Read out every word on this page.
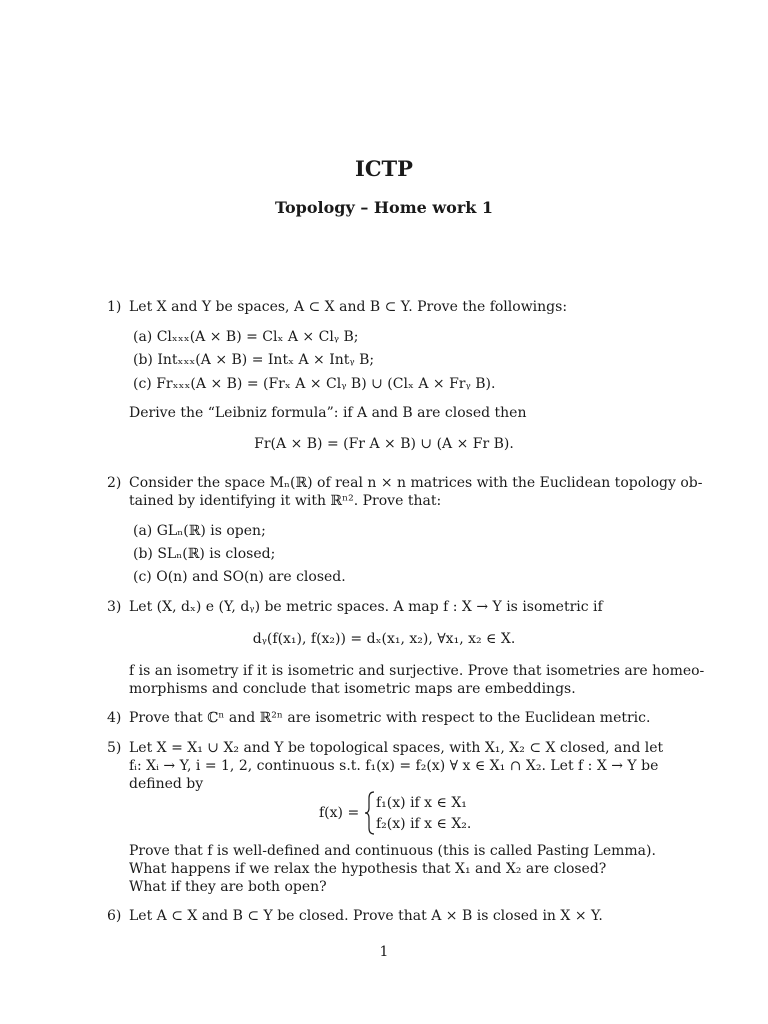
ICTP
Topology – Home work 1
1) Let X and Y be spaces, A ⊂ X and B ⊂ Y. Prove the followings:
(a) Clₓₓₓ(A × B) = Clₓ A × Clᵧ B;
(b) Intₓₓₓ(A × B) = Intₓ A × Intᵧ B;
(c) Frₓₓₓ(A × B) = (Frₓ A × Clᵧ B) ∪ (Clₓ A × Frᵧ B).
Derive the “Leibniz formula”: if A and B are closed then
Fr(A × B) = (Fr A × B) ∪ (A × Fr B).
2) Consider the space Mₙ(ℝ) of real n × n matrices with the Euclidean topology ob-
tained by identifying it with ℝⁿ². Prove that:
(a) GLₙ(ℝ) is open;
(b) SLₙ(ℝ) is closed;
(c) O(n) and SO(n) are closed.
3) Let (X, dₓ) e (Y, dᵧ) be metric spaces. A map f : X → Y is isometric if
dᵧ(f(x₁), f(x₂)) = dₓ(x₁, x₂), ∀x₁, x₂ ∈ X.
f is an isometry if it is isometric and surjective. Prove that isometries are homeo-
morphisms and conclude that isometric maps are embeddings.
4) Prove that ℂⁿ and ℝ²ⁿ are isometric with respect to the Euclidean metric.
5) Let X = X₁ ∪ X₂ and Y be topological spaces, with X₁, X₂ ⊂ X closed, and let
fᵢ: Xᵢ → Y, i = 1, 2, continuous s.t. f₁(x) = f₂(x) ∀ x ∈ X₁ ∩ X₂. Let f : X → Y be
defined by
f(x) =
f₁(x) if x ∈ X₁
f₂(x) if x ∈ X₂.
Prove that f is well-defined and continuous (this is called Pasting Lemma).
What happens if we relax the hypothesis that X₁ and X₂ are closed?
What if they are both open?
6) Let A ⊂ X and B ⊂ Y be closed. Prove that A × B is closed in X × Y.
1
